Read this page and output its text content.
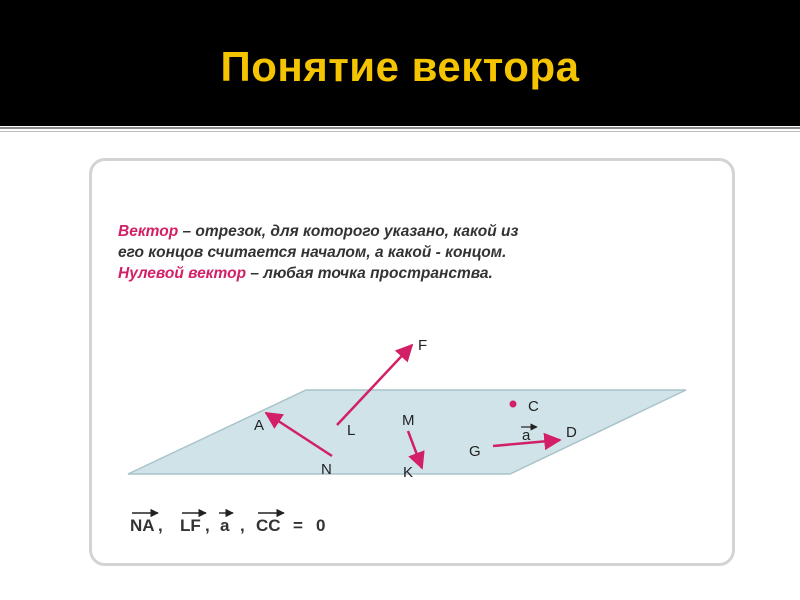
Понятие вектора
Вектор – отрезок, для которого указано, какой из
его концов считается началом, а какой - концом.
Нулевой вектор – любая точка пространства.
A
N
L
F
M
K
C
G
D
a
NA , LF , a , CC = 0
